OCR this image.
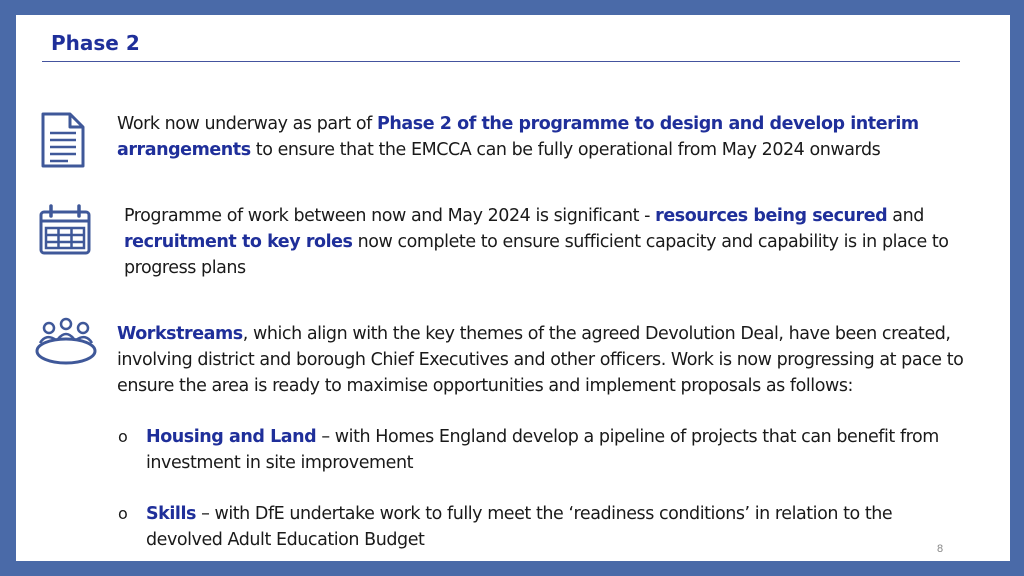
Phase 2
Work now underway as part of Phase 2 of the programme to design and develop interim arrangements to ensure that the EMCCA can be fully operational from May 2024 onwards
Programme of work between now and May 2024 is significant - resources being secured and recruitment to key roles now complete to ensure sufficient capacity and capability is in place to progress plans
Workstreams, which align with the key themes of the agreed Devolution Deal, have been created, involving district and borough Chief Executives and other officers. Work is now progressing at pace to ensure the area is ready to maximise opportunities and implement proposals as follows:
o Housing and Land – with Homes England develop a pipeline of projects that can benefit from investment in site improvement
o Skills – with DfE undertake work to fully meet the ‘readiness conditions’ in relation to the devolved Adult Education Budget	8
